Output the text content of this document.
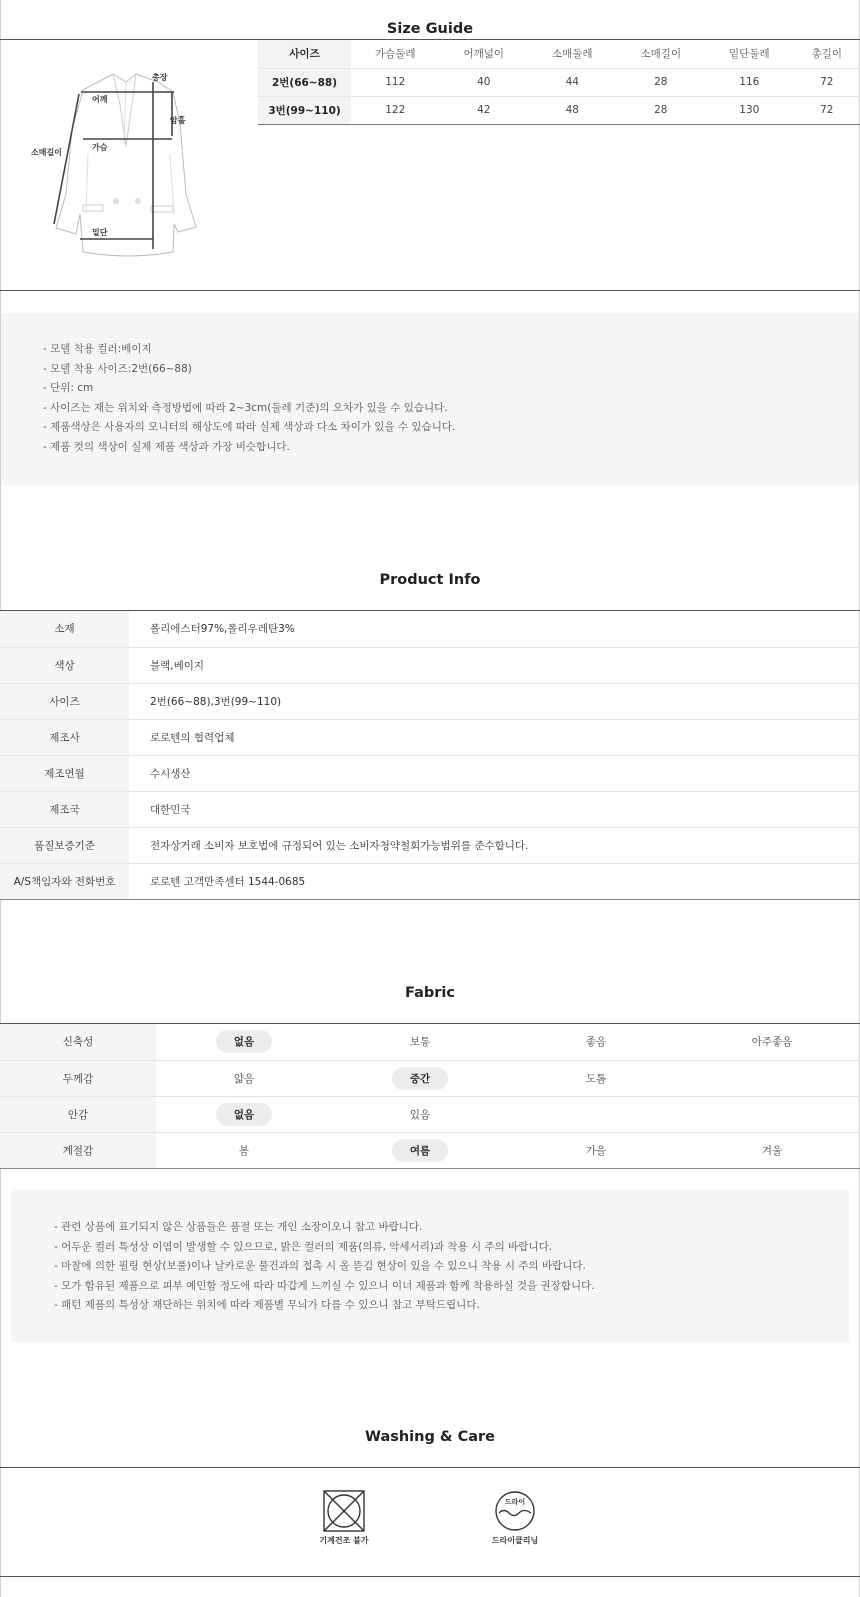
Size Guide
총장
어깨
암홀
소매길이
가슴
밑단
사이즈	가슴둘레	어깨넓이	소매둘레	소매길이	밑단둘레	총길이
2번(66~88)	112	40	44	28	116	72
3번(99~110)	122	42	48	28	130	72
- 모델 착용 컬러:베이지
- 모델 착용 사이즈:2번(66~88)
- 단위: cm
- 사이즈는 재는 위치와 측정방법에 따라 2~3cm(둘레 기준)의 오차가 있을 수 있습니다.
- 제품색상은 사용자의 모니터의 해상도에 따라 실제 색상과 다소 차이가 있을 수 있습니다.
- 제품 컷의 색상이 실제 제품 색상과 가장 비슷합니다.
Product Info
소재	폴리에스터97%,폴리우레탄3%
색상	블랙,베이지
사이즈	2번(66~88),3번(99~110)
제조사	로로텐의 협력업체
제조연월	수시생산
제조국	대한민국
품질보증기준	전자상거래 소비자 보호법에 규정되어 있는 소비자청약철회가능범위를 준수합니다.
A/S책임자와 전화번호	로로텐 고객만족센터 1544-0685
Fabric
신축성	없음	보통	좋음	아주좋음
두께감	얇음	중간	도톰	
안감	없음	있음		
계절감	봄	여름	가을	겨울
- 관련 상품에 표기되지 않은 상품들은 품절 또는 개인 소장이오니 참고 바랍니다.
- 어두운 컬러 특성상 이염이 발생할 수 있으므로, 밝은 컬러의 제품(의류, 악세서리)과 착용 시 주의 바랍니다.
- 마찰에 의한 필링 현상(보풀)이나 날카로운 물건과의 접촉 시 올 뜯김 현상이 있을 수 있으니 착용 시 주의 바랍니다.
- 모가 함유된 제품으로 피부 예민함 정도에 따라 따갑게 느끼실 수 있으니 이너 제품과 함께 착용하실 것을 권장합니다.
- 패턴 제품의 특성상 재단하는 위치에 따라 제품별 무늬가 다를 수 있으니 참고 부탁드립니다.
Washing & Care
기계건조 불가
드라이
드라이클리닝
